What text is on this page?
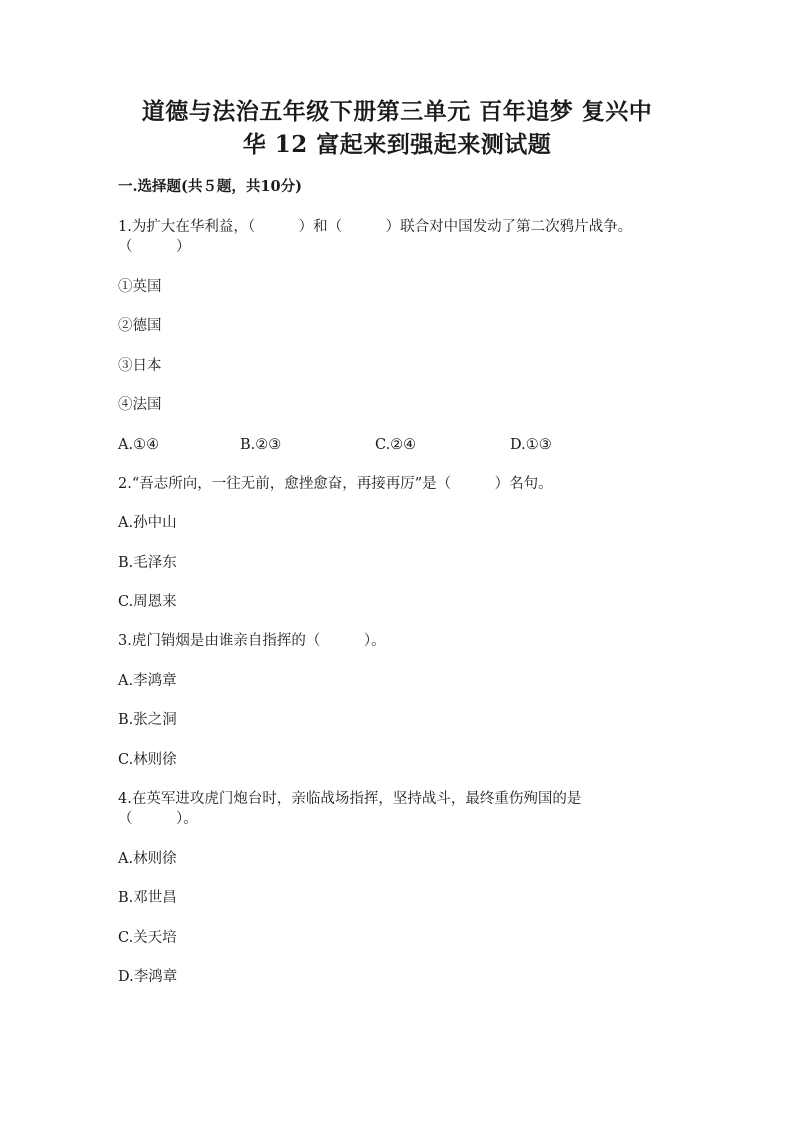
道德与法治五年级下册第三单元 百年追梦 复兴中
华 12 富起来到强起来测试题
一.选择题(共５题，共10分)
1.为扩大在华利益，（　　　）和（　　　）联合对中国发动了第二次鸦片战争。
（　　　）
①英国
②德国
③日本
④法国
A.①④	B.②③	C.②④	D.①③
2.“吾志所向，一往无前，愈挫愈奋，再接再厉”是（　　　）名句。
A.孙中山
B.毛泽东
C.周恩来
3.虎门销烟是由谁亲自指挥的（　　　）。
A.李鸿章
B.张之洞
C.林则徐
4.在英军进攻虎门炮台时，亲临战场指挥，坚持战斗，最终重伤殉国的是
（　　　）。
A.林则徐
B.邓世昌
C.关天培
D.李鸿章
